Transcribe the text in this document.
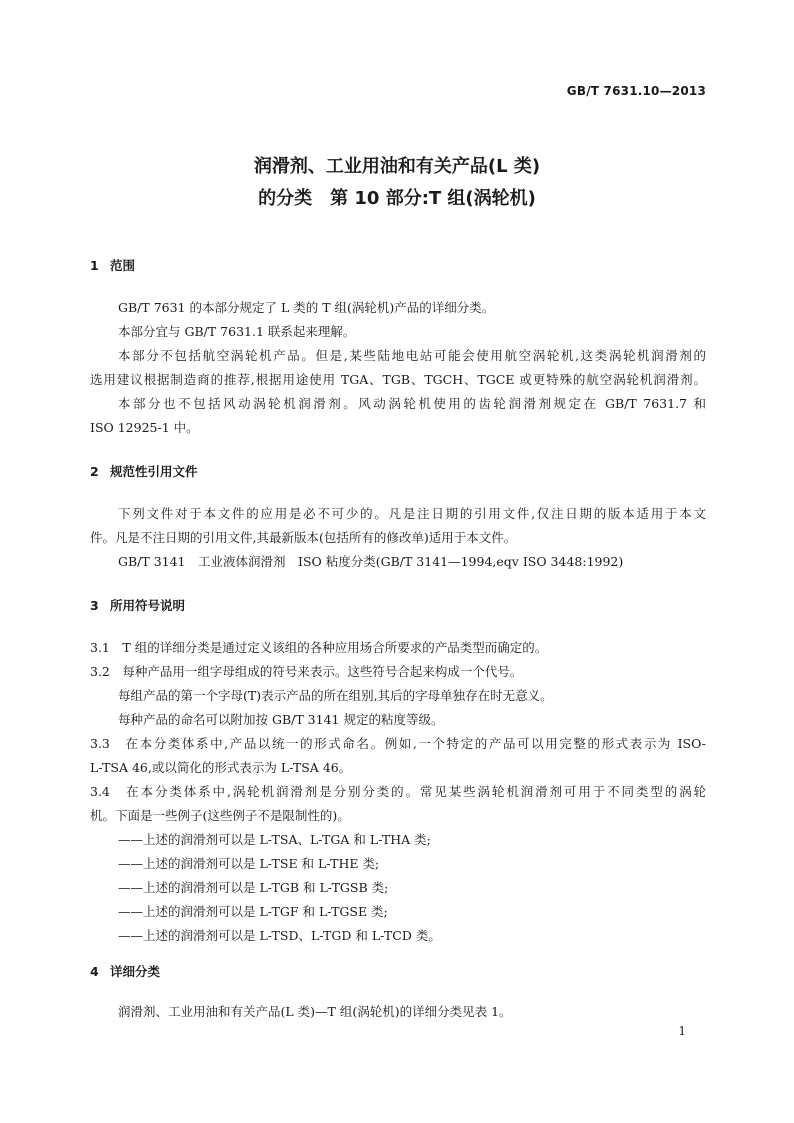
GB/T 7631.10—2013
润滑剂、工业用油和有关产品(L 类)
的分类　第 10 部分:T 组(涡轮机)
1 范围
GB/T 7631 的本部分规定了 L 类的 T 组(涡轮机)产品的详细分类。
本部分宜与 GB/T 7631.1 联系起来理解。
本部分不包括航空涡轮机产品。但是,某些陆地电站可能会使用航空涡轮机,这类涡轮机润滑剂的
选用建议根据制造商的推荐,根据用途使用 TGA、TGB、TGCH、TGCE 或更特殊的航空涡轮机润滑剂。
本部分也不包括风动涡轮机润滑剂。风动涡轮机使用的齿轮润滑剂规定在 GB/T 7631.7 和
ISO 12925-1 中。
2 规范性引用文件
下列文件对于本文件的应用是必不可少的。凡是注日期的引用文件,仅注日期的版本适用于本文
件。凡是不注日期的引用文件,其最新版本(包括所有的修改单)适用于本文件。
GB/T 3141　工业液体润滑剂　ISO 粘度分类(GB/T 3141—1994,eqv ISO 3448:1992)
3 所用符号说明
3.1　T 组的详细分类是通过定义该组的各种应用场合所要求的产品类型而确定的。
3.2　每种产品用一组字母组成的符号来表示。这些符号合起来构成一个代号。
每组产品的第一个字母(T)表示产品的所在组别,其后的字母单独存在时无意义。
每种产品的命名可以附加按 GB/T 3141 规定的粘度等级。
3.3　在本分类体系中,产品以统一的形式命名。例如,一个特定的产品可以用完整的形式表示为 ISO-
L-TSA 46,或以简化的形式表示为 L-TSA 46。
3.4　在本分类体系中,涡轮机润滑剂是分别分类的。常见某些涡轮机润滑剂可用于不同类型的涡轮
机。下面是一些例子(这些例子不是限制性的)。
——上述的润滑剂可以是 L-TSA、L-TGA 和 L-THA 类;
——上述的润滑剂可以是 L-TSE 和 L-THE 类;
——上述的润滑剂可以是 L-TGB 和 L-TGSB 类;
——上述的润滑剂可以是 L-TGF 和 L-TGSE 类;
——上述的润滑剂可以是 L-TSD、L-TGD 和 L-TCD 类。
4 详细分类
润滑剂、工业用油和有关产品(L 类)—T 组(涡轮机)的详细分类见表 1。
1
